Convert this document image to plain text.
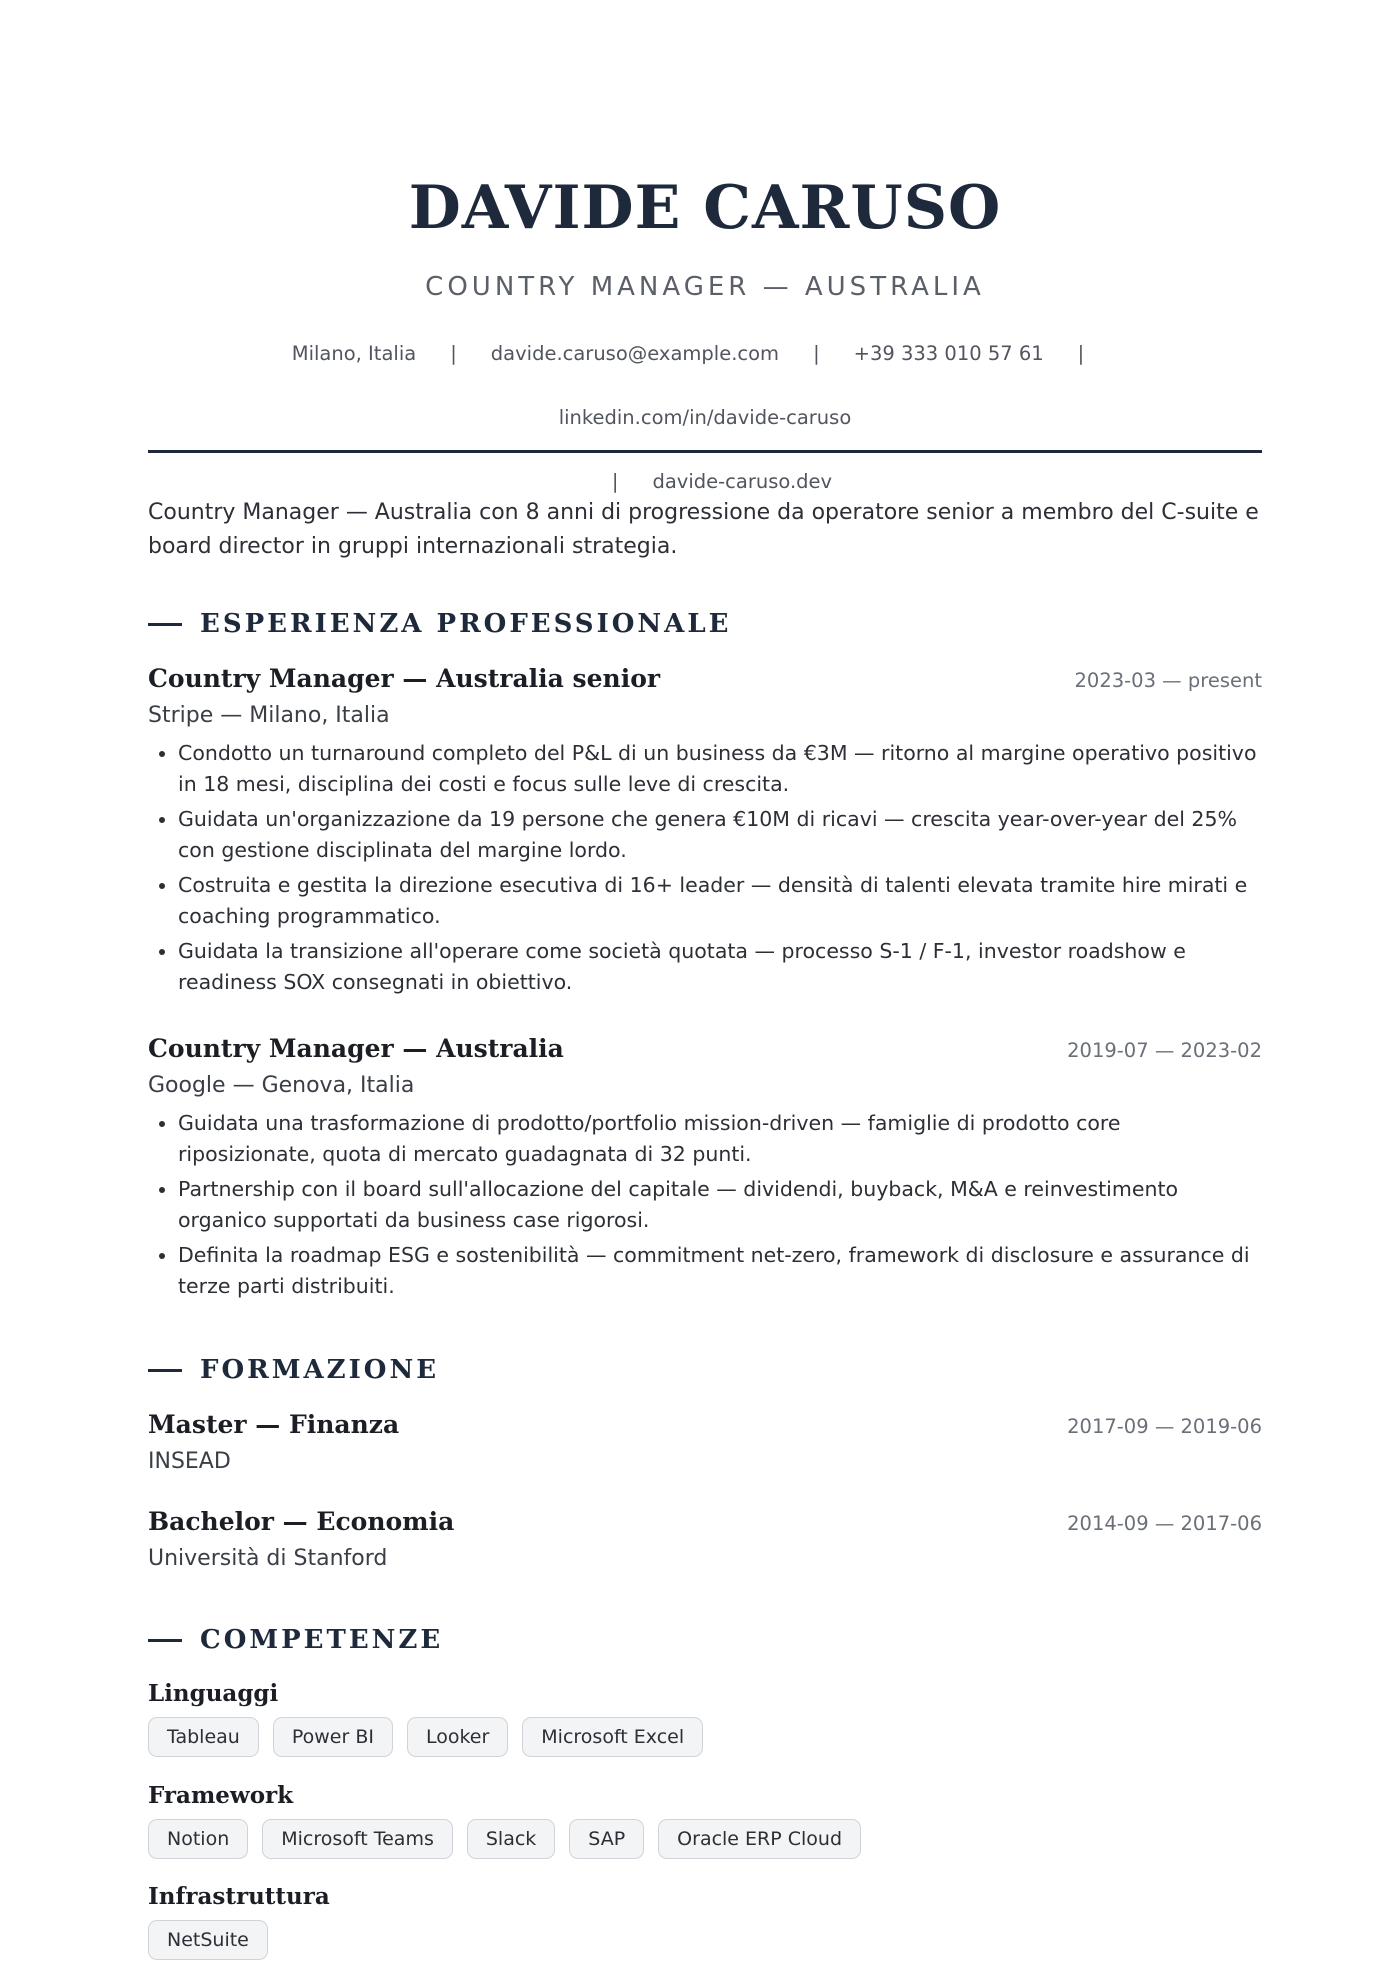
DAVIDE CARUSO
COUNTRY MANAGER — AUSTRALIA
Milano, Italia | davide.caruso@example.com | +39 333 010 57 61 |linkedin.com/in/davide-caruso
| davide-caruso.dev
Country Manager — Australia con 8 anni di progressione da operatore senior a membro del C-suite e board director in gruppi internazionali strategia.
ESPERIENZA PROFESSIONALE
Country Manager — Australia senior	2023-03 — present
Stripe — Milano, Italia
• Condotto un turnaround completo del P&L di un business da €3M — ritorno al margine operativo positivo in 18 mesi, disciplina dei costi e focus sulle leve di crescita.
• Guidata un'organizzazione da 19 persone che genera €10M di ricavi — crescita year-over-year del 25% con gestione disciplinata del margine lordo.
• Costruita e gestita la direzione esecutiva di 16+ leader — densità di talenti elevata tramite hire mirati e coaching programmatico.
• Guidata la transizione all'operare come società quotata — processo S-1 / F-1, investor roadshow e readiness SOX consegnati in obiettivo.
Country Manager — Australia	2019-07 — 2023-02
Google — Genova, Italia
• Guidata una trasformazione di prodotto/portfolio mission-driven — famiglie di prodotto core riposizionate, quota di mercato guadagnata di 32 punti.
• Partnership con il board sull'allocazione del capitale — dividendi, buyback, M&A e reinvestimento organico supportati da business case rigorosi.
• Definita la roadmap ESG e sostenibilità — commitment net-zero, framework di disclosure e assurance di terze parti distribuiti.
FORMAZIONE
Master — Finanza	2017-09 — 2019-06
INSEAD
Bachelor — Economia	2014-09 — 2017-06
Università di Stanford
COMPETENZE
Linguaggi
Tableau	Power BI	Looker	Microsoft Excel
Framework
Notion	Microsoft Teams	Slack	SAP	Oracle ERP Cloud
Infrastruttura
NetSuite
